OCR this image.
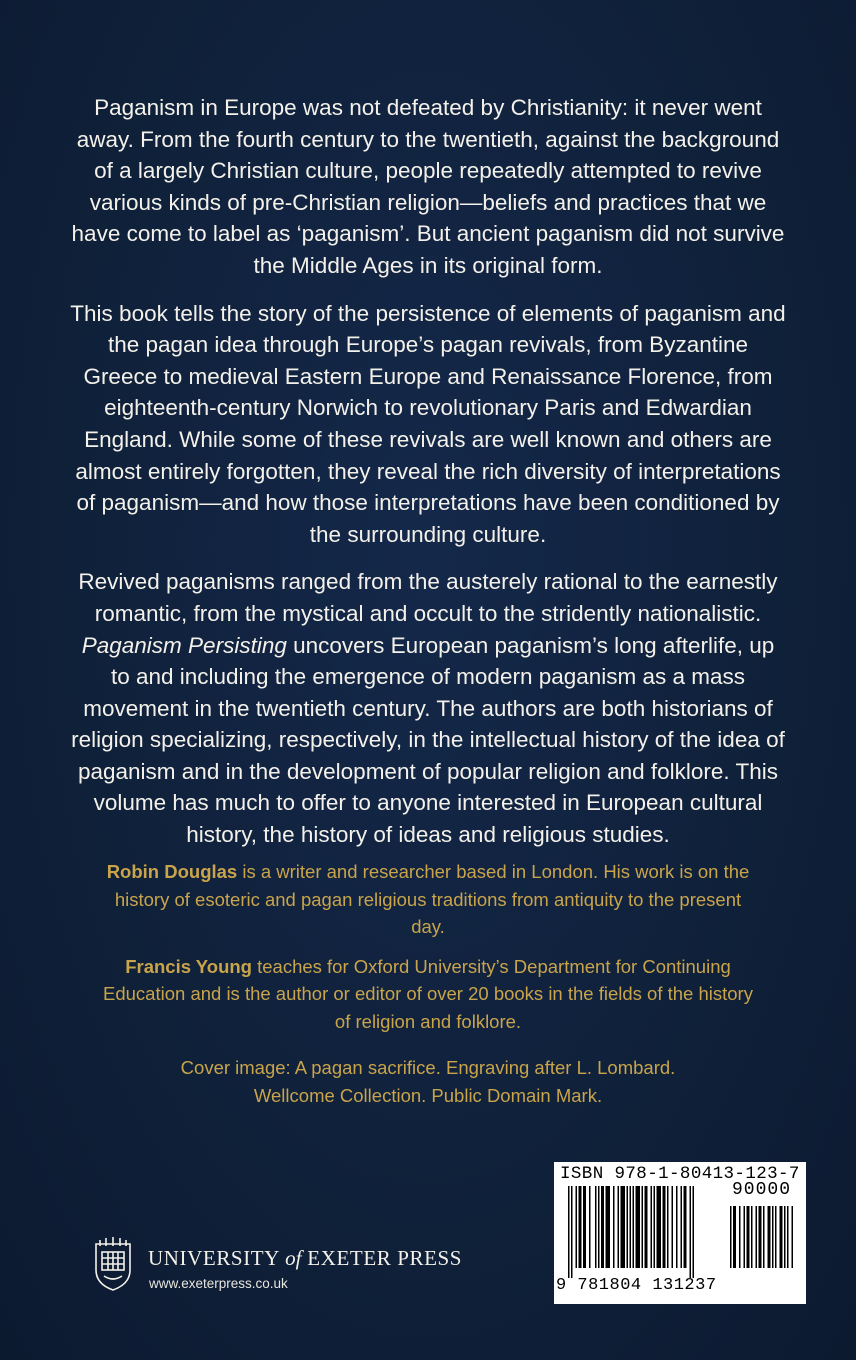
Paganism in Europe was not defeated by Christianity: it never went away. From the fourth century to the twentieth, against the background of a largely Christian culture, people repeatedly attempted to revive various kinds of pre-Christian religion—beliefs and practices that we have come to label as ‘paganism’. But ancient paganism did not survive the Middle Ages in its original form.

This book tells the story of the persistence of elements of paganism and the pagan idea through Europe’s pagan revivals, from Byzantine Greece to medieval Eastern Europe and Renaissance Florence, from eighteenth-century Norwich to revolutionary Paris and Edwardian England. While some of these revivals are well known and others are almost entirely forgotten, they reveal the rich diversity of interpretations of paganism—and how those interpretations have been conditioned by the surrounding culture.

Revived paganisms ranged from the austerely rational to the earnestly romantic, from the mystical and occult to the stridently nationalistic. Paganism Persisting uncovers European paganism’s long afterlife, up to and including the emergence of modern paganism as a mass movement in the twentieth century. The authors are both historians of religion specializing, respectively, in the intellectual history of the idea of paganism and in the development of popular religion and folklore. This volume has much to offer to anyone interested in European cultural history, the history of ideas and religious studies.

Robin Douglas is a writer and researcher based in London. His work is on the history of esoteric and pagan religious traditions from antiquity to the present day.

Francis Young teaches for Oxford University’s Department for Continuing Education and is the author or editor of over 20 books in the fields of the history of religion and folklore.

Cover image: A pagan sacrifice. Engraving after L. Lombard.
Wellcome Collection. Public Domain Mark.
UNIVERSITY of EXETER PRESS
www.exeterpress.co.uk
ISBN 978-1-80413-123-7
90000
9 781804 131237
